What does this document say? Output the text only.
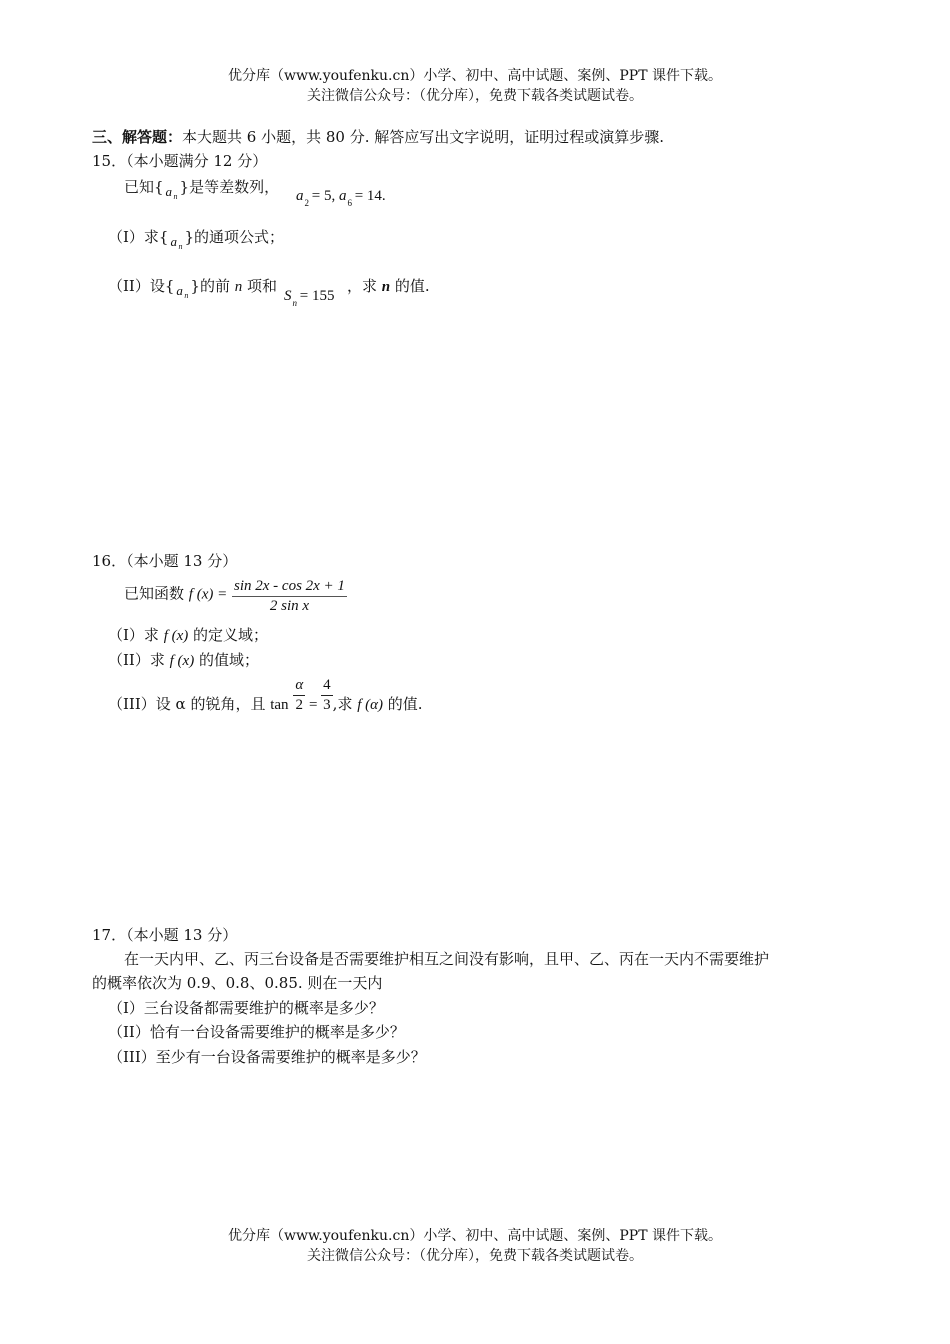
优分库（www.youfenku.cn）小学、初中、高中试题、案例、PPT 课件下载。
关注微信公众号：（优分库），免费下载各类试题试卷。
三、解答题：本大题共 6 小题，共 80 分. 解答应写出文字说明，证明过程或演算步骤.
15．（本小题满分 12 分）
已知{ a n
}是等差数列， $a_2 = 5$, $a_6 = 14$.
（I）求{ a n
}的通项公式；
（II）设{ a n
}的前 n 项和
$S_n = 155$
，求 n 的值.
16．（本小题 13 分）
已知函数 f $(x) = \frac{\sin 2x - \cos 2x + 1}{\text{2 sin x}}$
（I）求 f (x) 的定义域；
（II）求 f (x) 的值域；
（III）设 α 的锐角，且 $\tan \frac{\alpha}{2} = \frac{4}{3}$ ,求 f (α) 的值.
17．（本小题 13 分）
在一天内甲、乙、丙三台设备是否需要维护相互之间没有影响，且甲、乙、丙在一天内不需要维护
的概率依次为 0.9、0.8、0.85. 则在一天内
（I）三台设备都需要维护的概率是多少？
（II）恰有一台设备需要维护的概率是多少？
（III）至少有一台设备需要维护的概率是多少？
优分库（www.youfenku.cn）小学、初中、高中试题、案例、PPT 课件下载。
关注微信公众号：（优分库），免费下载各类试题试卷。
